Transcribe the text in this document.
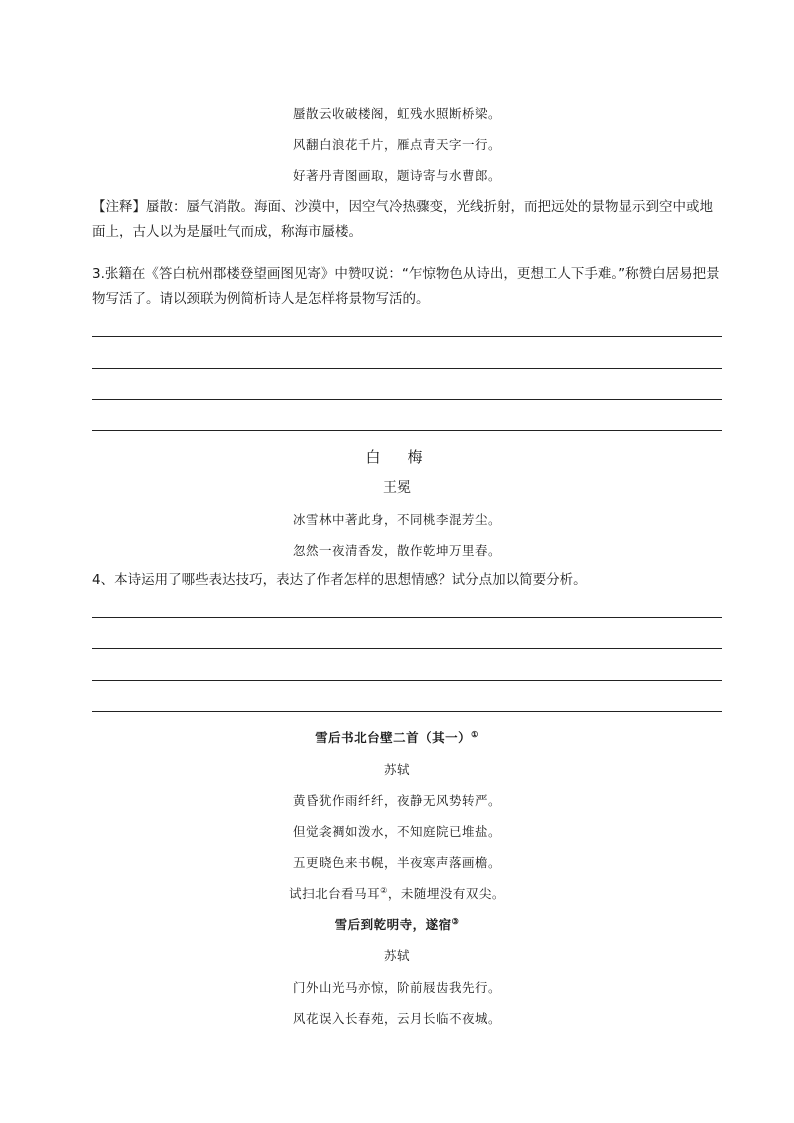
蜃散云收破楼阁，虹残水照断桥梁。
风翻白浪花千片，雁点青天字一行。
好著丹青图画取，题诗寄与水曹郎。
【注释】蜃散：蜃气消散。海面、沙漠中，因空气冷热骤变，光线折射，而把远处的景物显示到空中或地面上，古人以为是蜃吐气而成，称海市蜃楼。
3.张籍在《答白杭州郡楼登望画图见寄》中赞叹说：“乍惊物色从诗出，更想工人下手难。”称赞白居易把景物写活了。请以颈联为例简析诗人是怎样将景物写活的。
白　梅
王冕
冰雪林中著此身，不同桃李混芳尘。
忽然一夜清香发，散作乾坤万里春。
4、本诗运用了哪些表达技巧，表达了作者怎样的思想情感？试分点加以简要分析。
雪后书北台壁二首（其一）①
苏轼
黄昏犹作雨纤纤，夜静无风势转严。
但觉衾裯如泼水，不知庭院已堆盐。
五更晓色来书幌，半夜寒声落画檐。
试扫北台看马耳②，未随埋没有双尖。
雪后到乾明寺，遂宿③
苏轼
门外山光马亦惊，阶前屐齿我先行。
风花误入长春苑，云月长临不夜城。
